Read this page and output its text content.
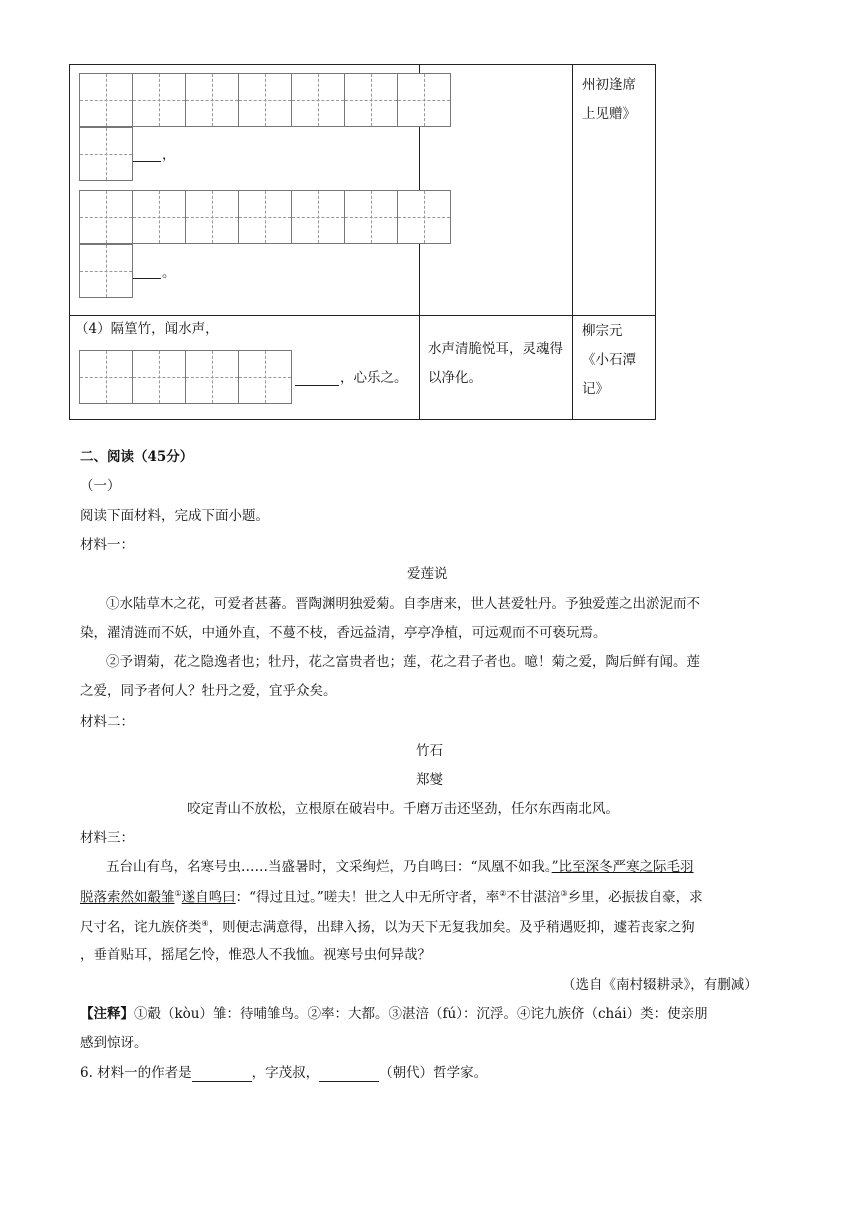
，
。
州初逢席上见赠》
（4）隔篁竹，闻水声，
，心乐之。
水声清脆悦耳，灵魂得以净化。
柳宗元《小石潭记》
二、阅读（45分）
（一）
阅读下面材料，完成下面小题。
材料一：
爱莲说
①水陆草木之花，可爱者甚蕃。晋陶渊明独爱菊。自李唐来，世人甚爱牡丹。予独爱莲之出淤泥而不
染，濯清涟而不妖，中通外直，不蔓不枝，香远益清，亭亭净植，可远观而不可亵玩焉。
②予谓菊，花之隐逸者也；牡丹，花之富贵者也；莲，花之君子者也。噫！菊之爱，陶后鲜有闻。莲
之爱，同予者何人？牡丹之爱，宜乎众矣。
材料二：
竹石
郑燮
咬定青山不放松，立根原在破岩中。千磨万击还坚劲，任尔东西南北风。
材料三：
五台山有鸟，名寒号虫……当盛暑时，文采绚烂，乃自鸣曰：“凤凰不如我。”比至深冬严寒之际毛羽
脱落索然如觳雏①遂自鸣曰：“得过且过。”嗟夫！世之人中无所守者，率②不甘湛涪③乡里，必振拔自豪，求
尺寸名，诧九族侪类④，则便志满意得，出肆入扬，以为天下无复我加矣。及乎稍遇贬抑，遽若丧家之狗
，垂首贴耳，摇尾乞怜，惟恐人不我恤。视寒号虫何异哉？
（选自《南村辍耕录》，有删减）
【注释】①觳（kòu）雏：待哺雏鸟。②率：大都。③湛涪（fú）：沉浮。④诧九族侪（chái）类：使亲朋
感到惊讶。
6. 材料一的作者是	，字茂叔，	（朝代）哲学家。
